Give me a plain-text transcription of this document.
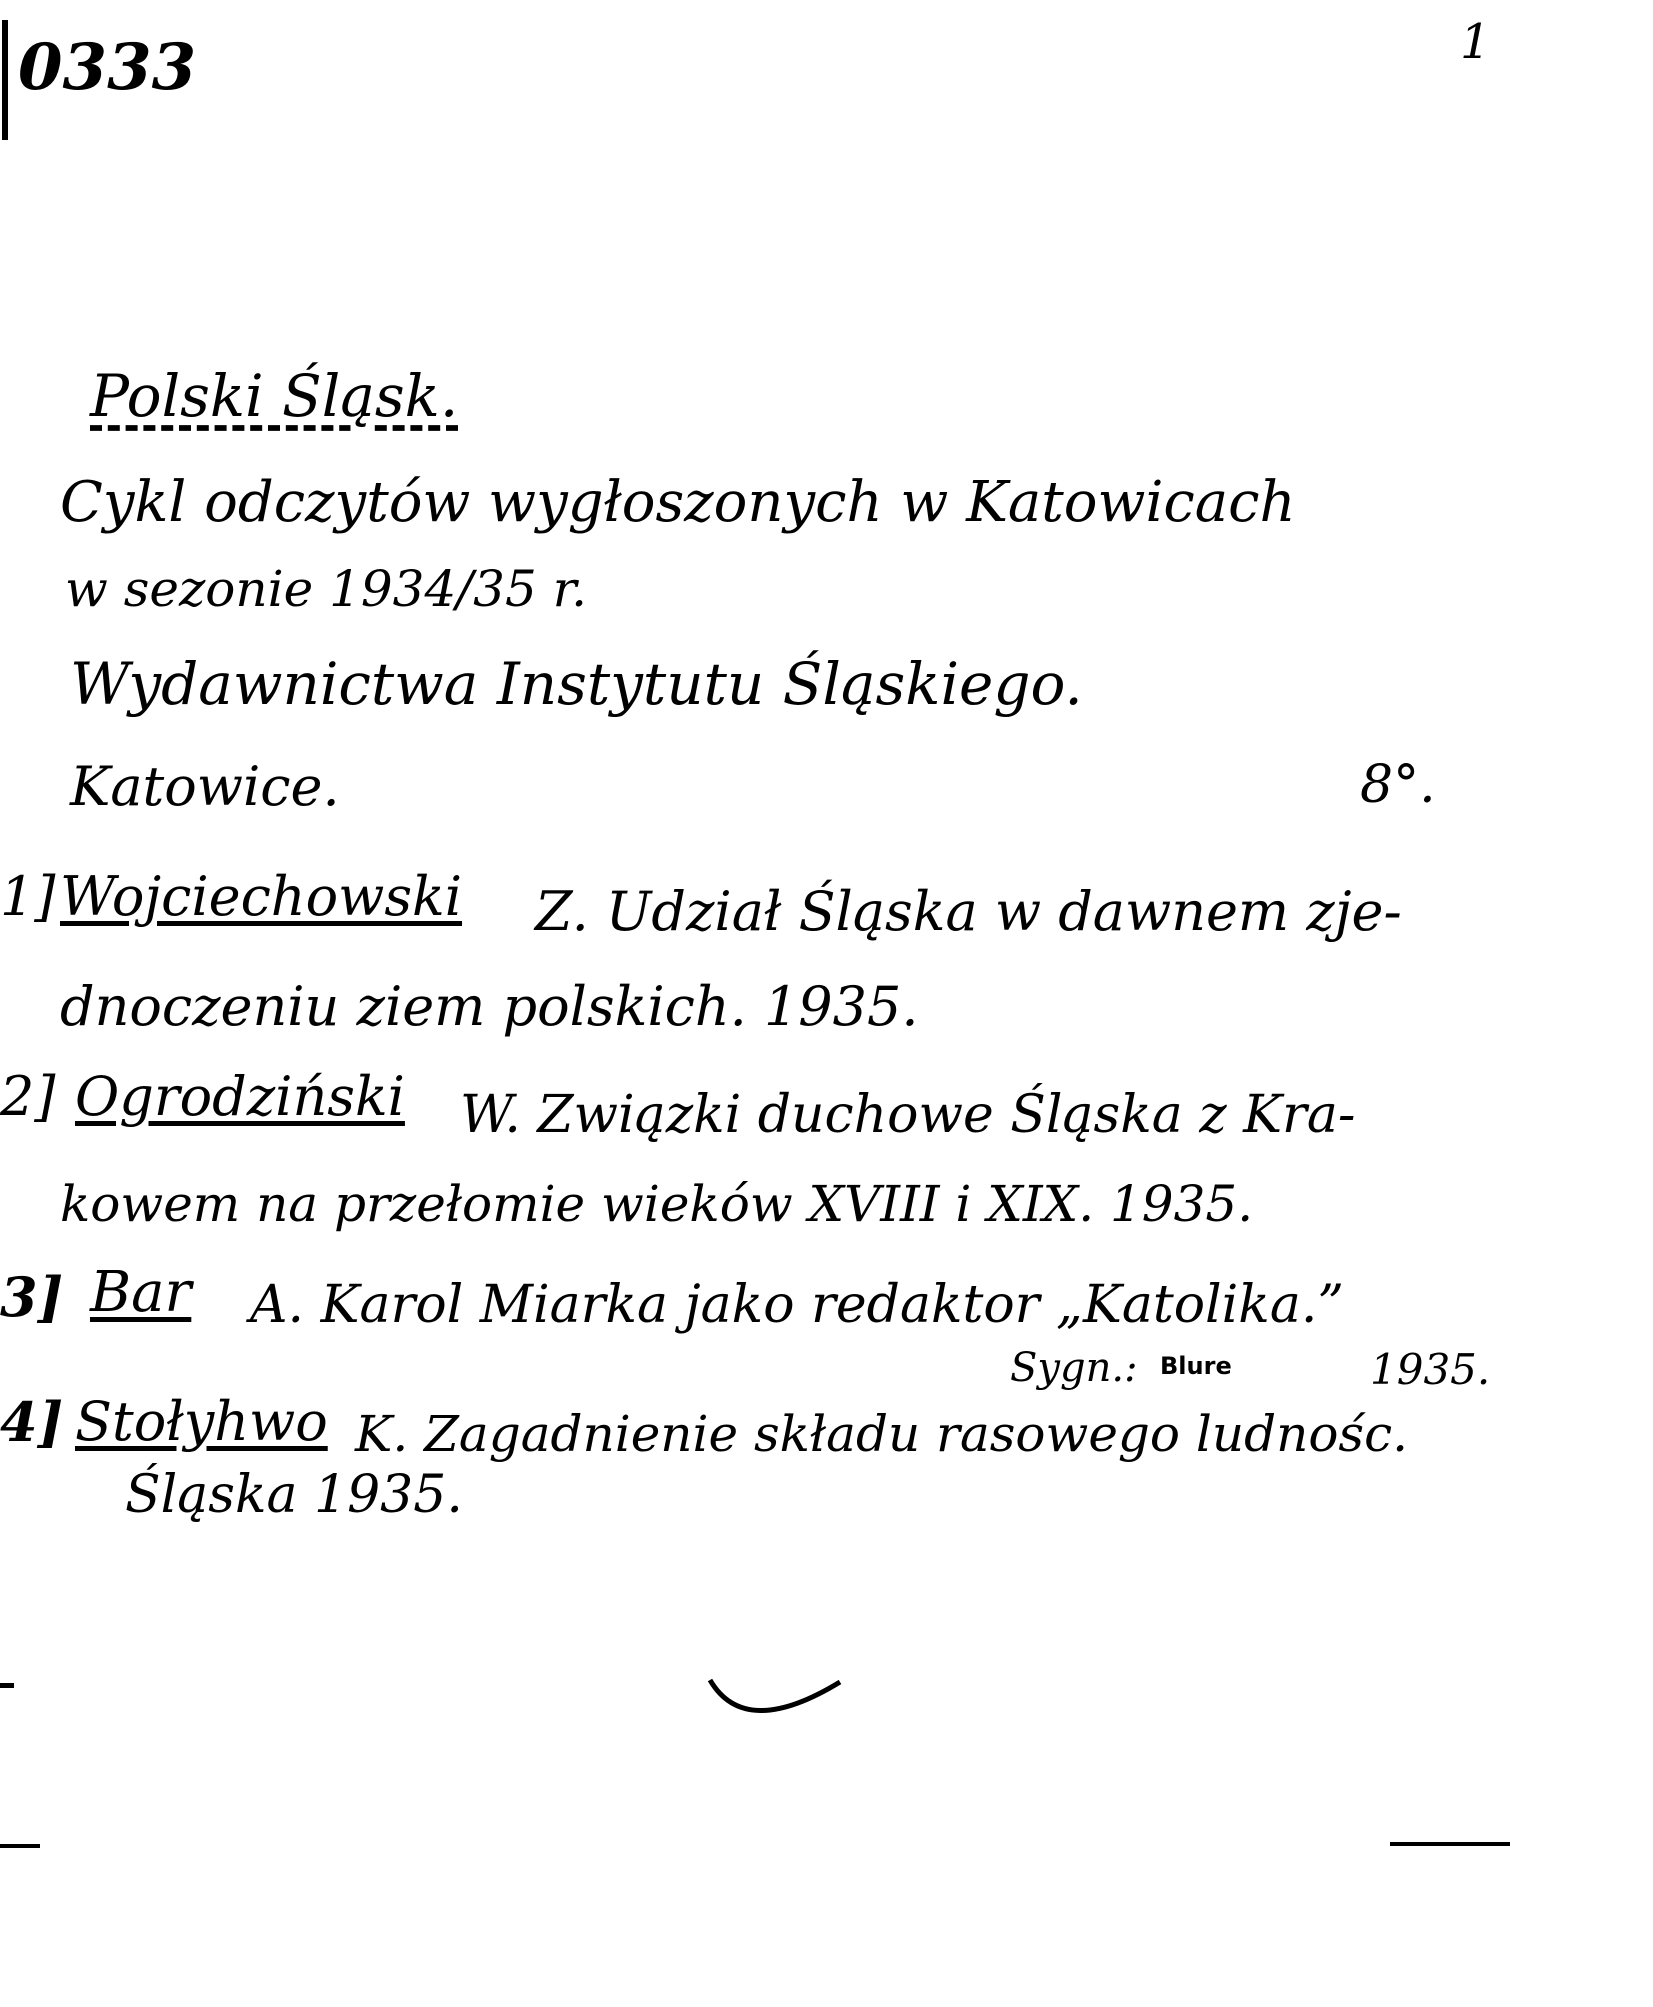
0333	1
Polski Śląsk.
Cykl odczytów wygłoszonych w Katowicach
w sezonie 1934/35 r.
Wydawnictwa Instytutu Śląskiego.
Katowice.	8°.
1] Wojciechowski Z. Udział Śląska w dawnem zje-
dnoczeniu ziem polskich. 1935.
2] Ogrodziński W. Związki duchowe Śląska z Kra-
kowem na przełomie wieków XVIII i XIX. 1935.
3] Bar A. Karol Miarka jako redaktor „Katolika.”
Sygn.: Blure	1935.
4] Stołyhwo K. Zagadnienie składu rasowego ludnośc.
Śląska 1935.
